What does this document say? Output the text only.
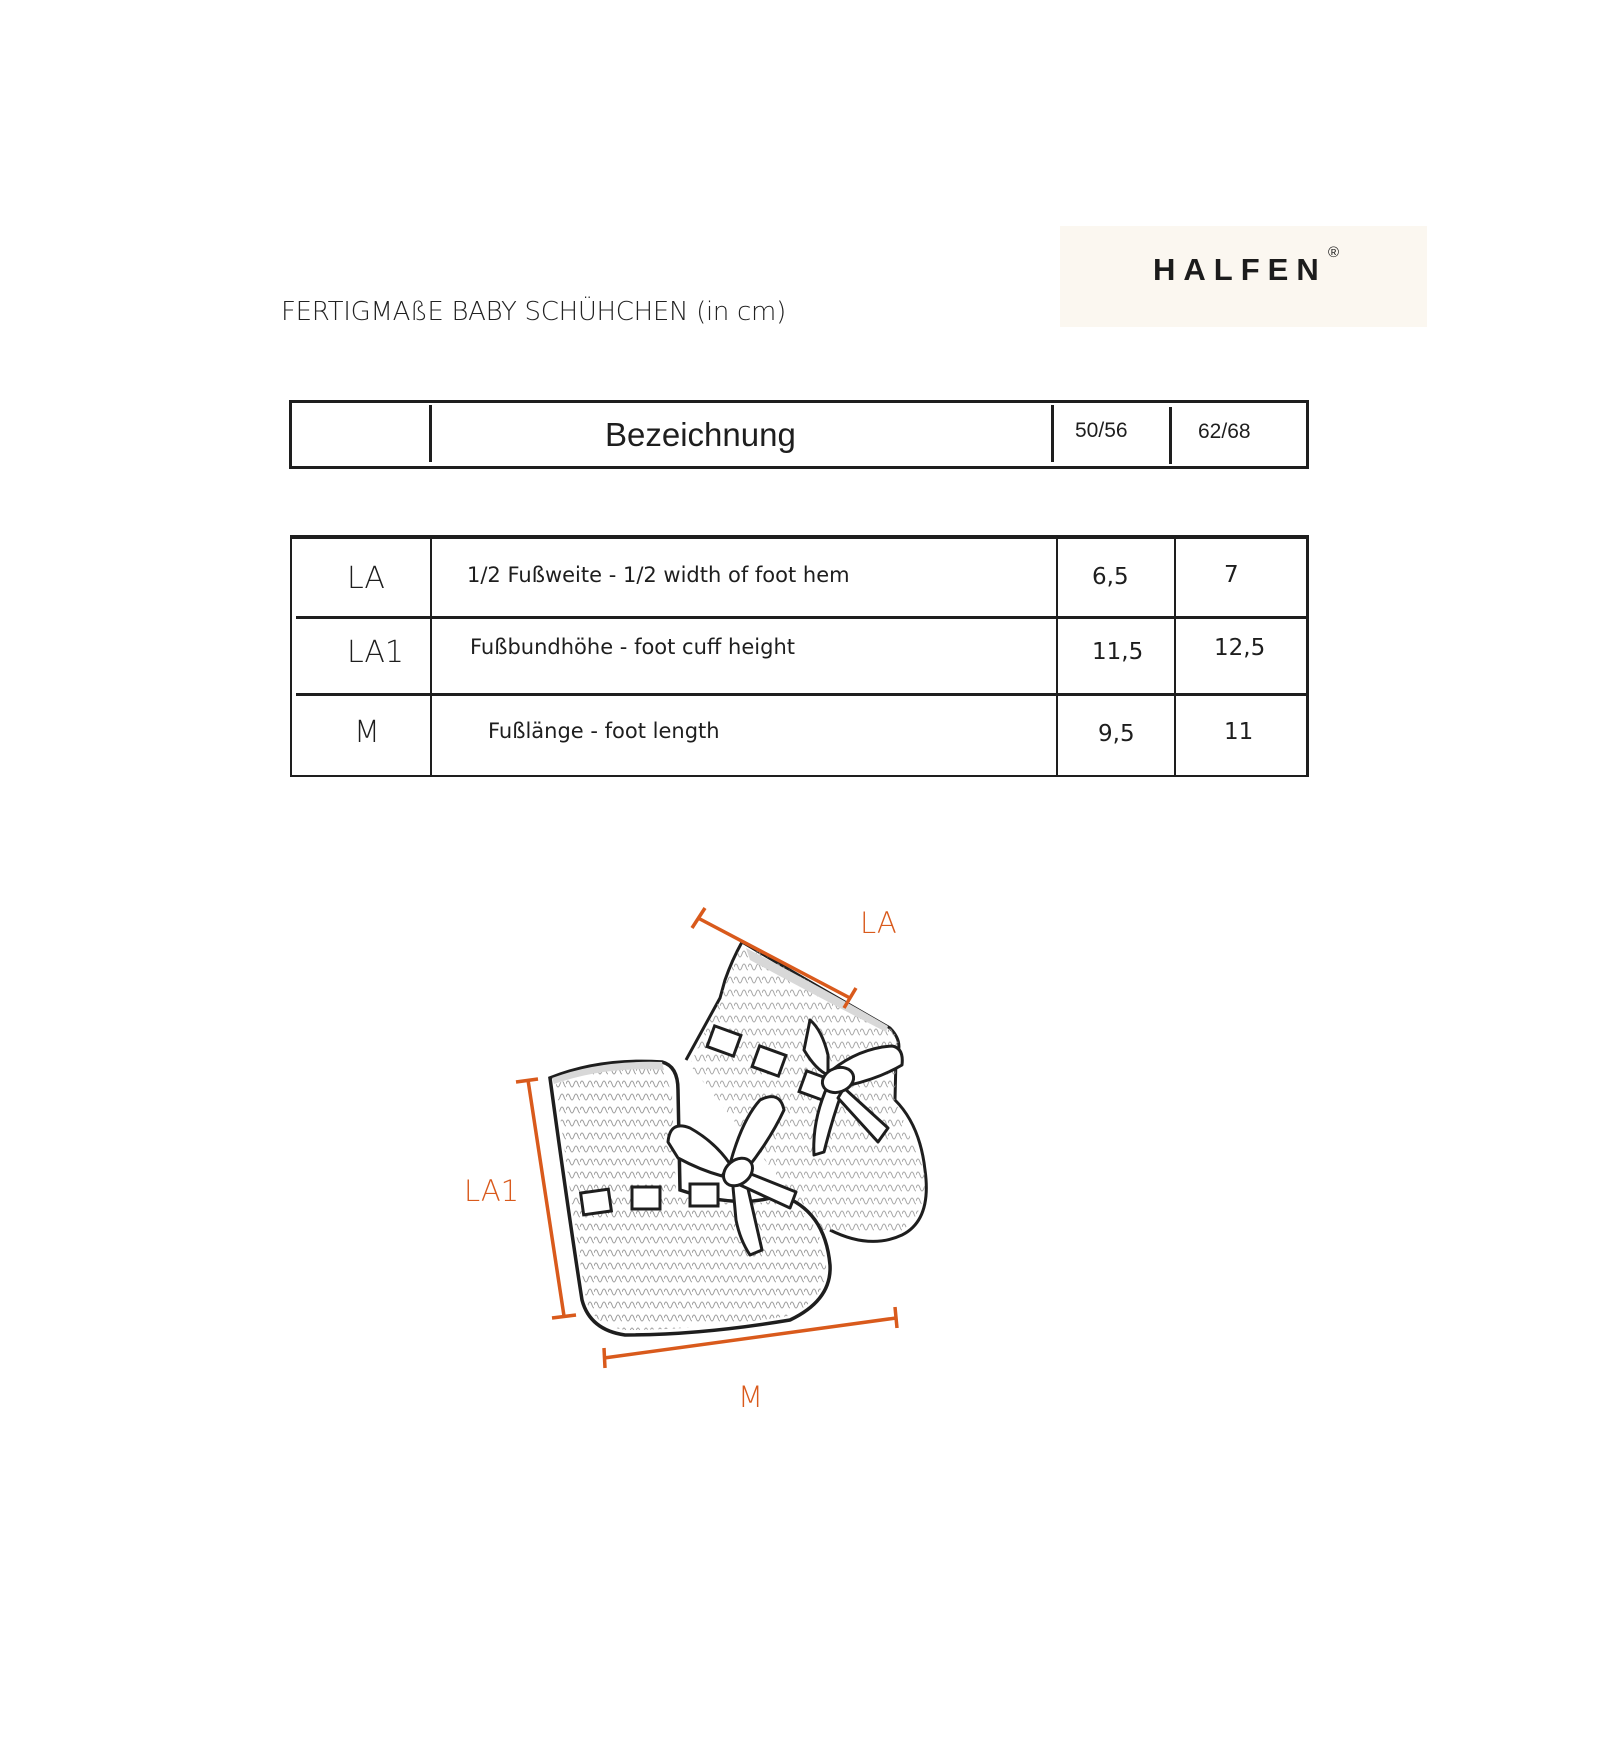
HALFEN ®
FERTIGMAßE BABY SCHÜHCHEN (in cm)
Bezeichnung	50/56	62/68
LA	1/2 Fußweite - 1/2 width of foot hem	6,5	7
LA1	Fußbundhöhe - foot cuff height	11,5	12,5
M	Fußlänge - foot length	9,5	11
LA
LA1
M
